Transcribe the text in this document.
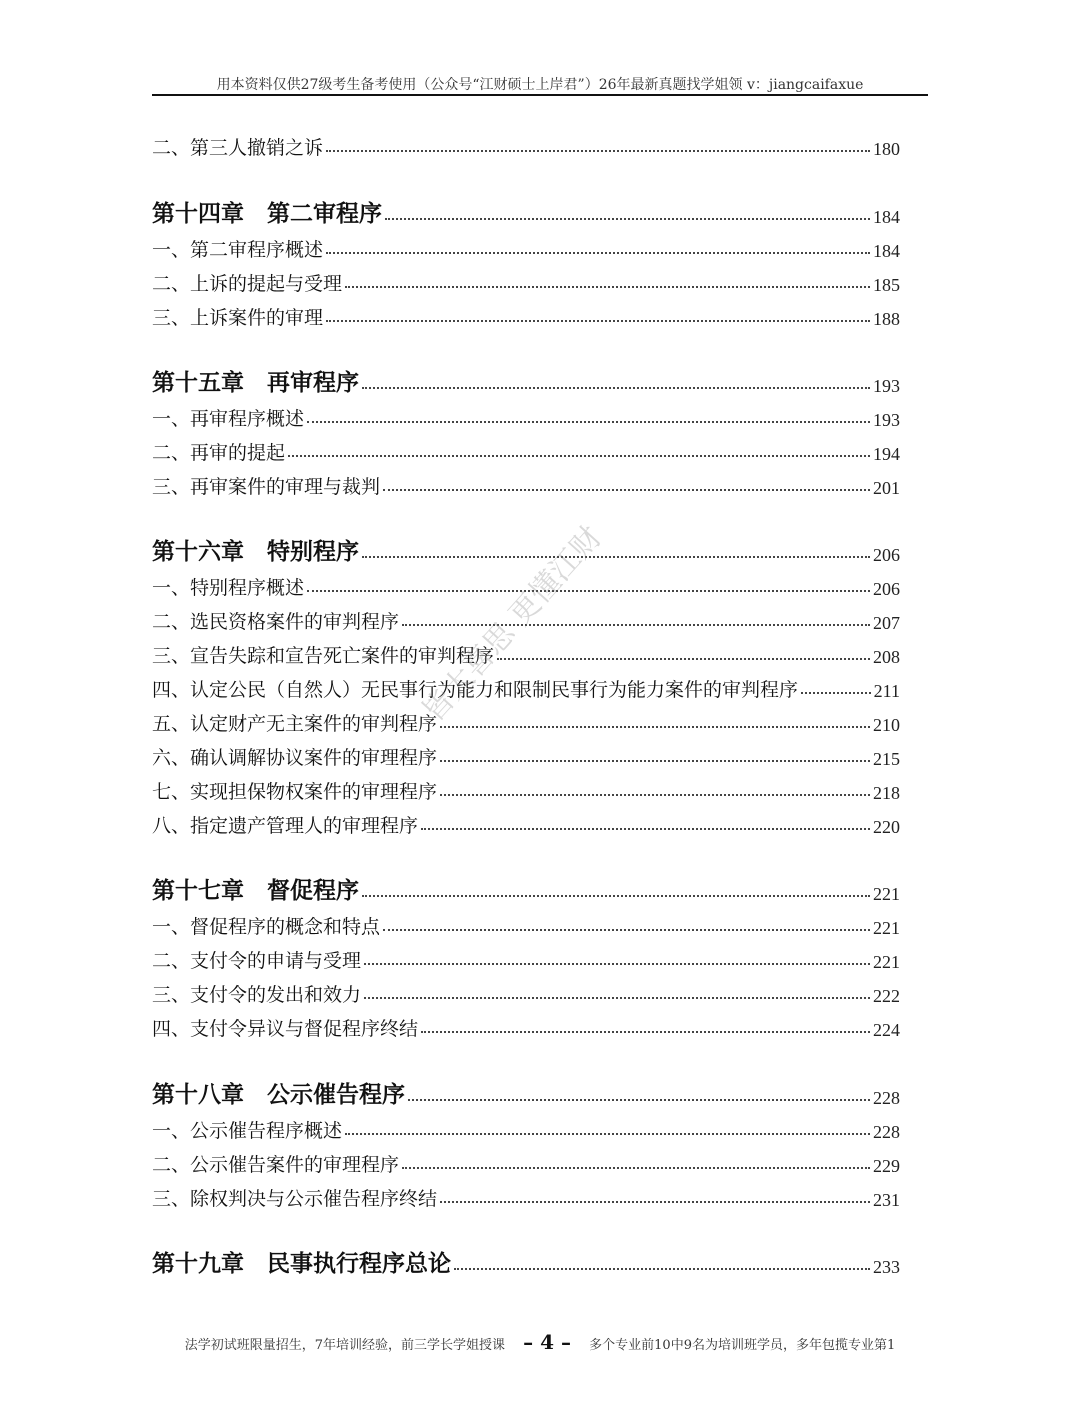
用本资料仅供27级考生备考使用（公众号“江财硕士上岸君”）26年最新真题找学姐领 v：jiangcaifaxue
二、第三人撤销之诉	180
第十四章　第二审程序	184
一、第二审程序概述	184
二、上诉的提起与受理	185
三、上诉案件的审理	188
第十五章　再审程序	193
一、再审程序概述	193
二、再审的提起	194
三、再审案件的审理与裁判	201
第十六章　特别程序	206
一、特别程序概述	206
二、选民资格案件的审判程序	207
三、宣告失踪和宣告死亡案件的审判程序	208
四、认定公民（自然人）无民事行为能力和限制民事行为能力案件的审判程序	211
五、认定财产无主案件的审判程序	210
六、确认调解协议案件的审理程序	215
七、实现担保物权案件的审理程序	218
八、指定遗产管理人的审理程序	220
第十七章　督促程序	221
一、督促程序的概念和特点	221
二、支付令的申请与受理	221
三、支付令的发出和效力	222
四、支付令异议与督促程序终结	224
第十八章　公示催告程序	228
一、公示催告程序概述	228
二、公示催告案件的审理程序	229
三、除权判决与公示催告程序终结	231
第十九章　民事执行程序总论	233
皆大喜思 更懂江财
法学初试班限量招生，7年培训经验，前三学长学姐授课 – 4 – 多个专业前10中9名为培训班学员，多年包揽专业第1
